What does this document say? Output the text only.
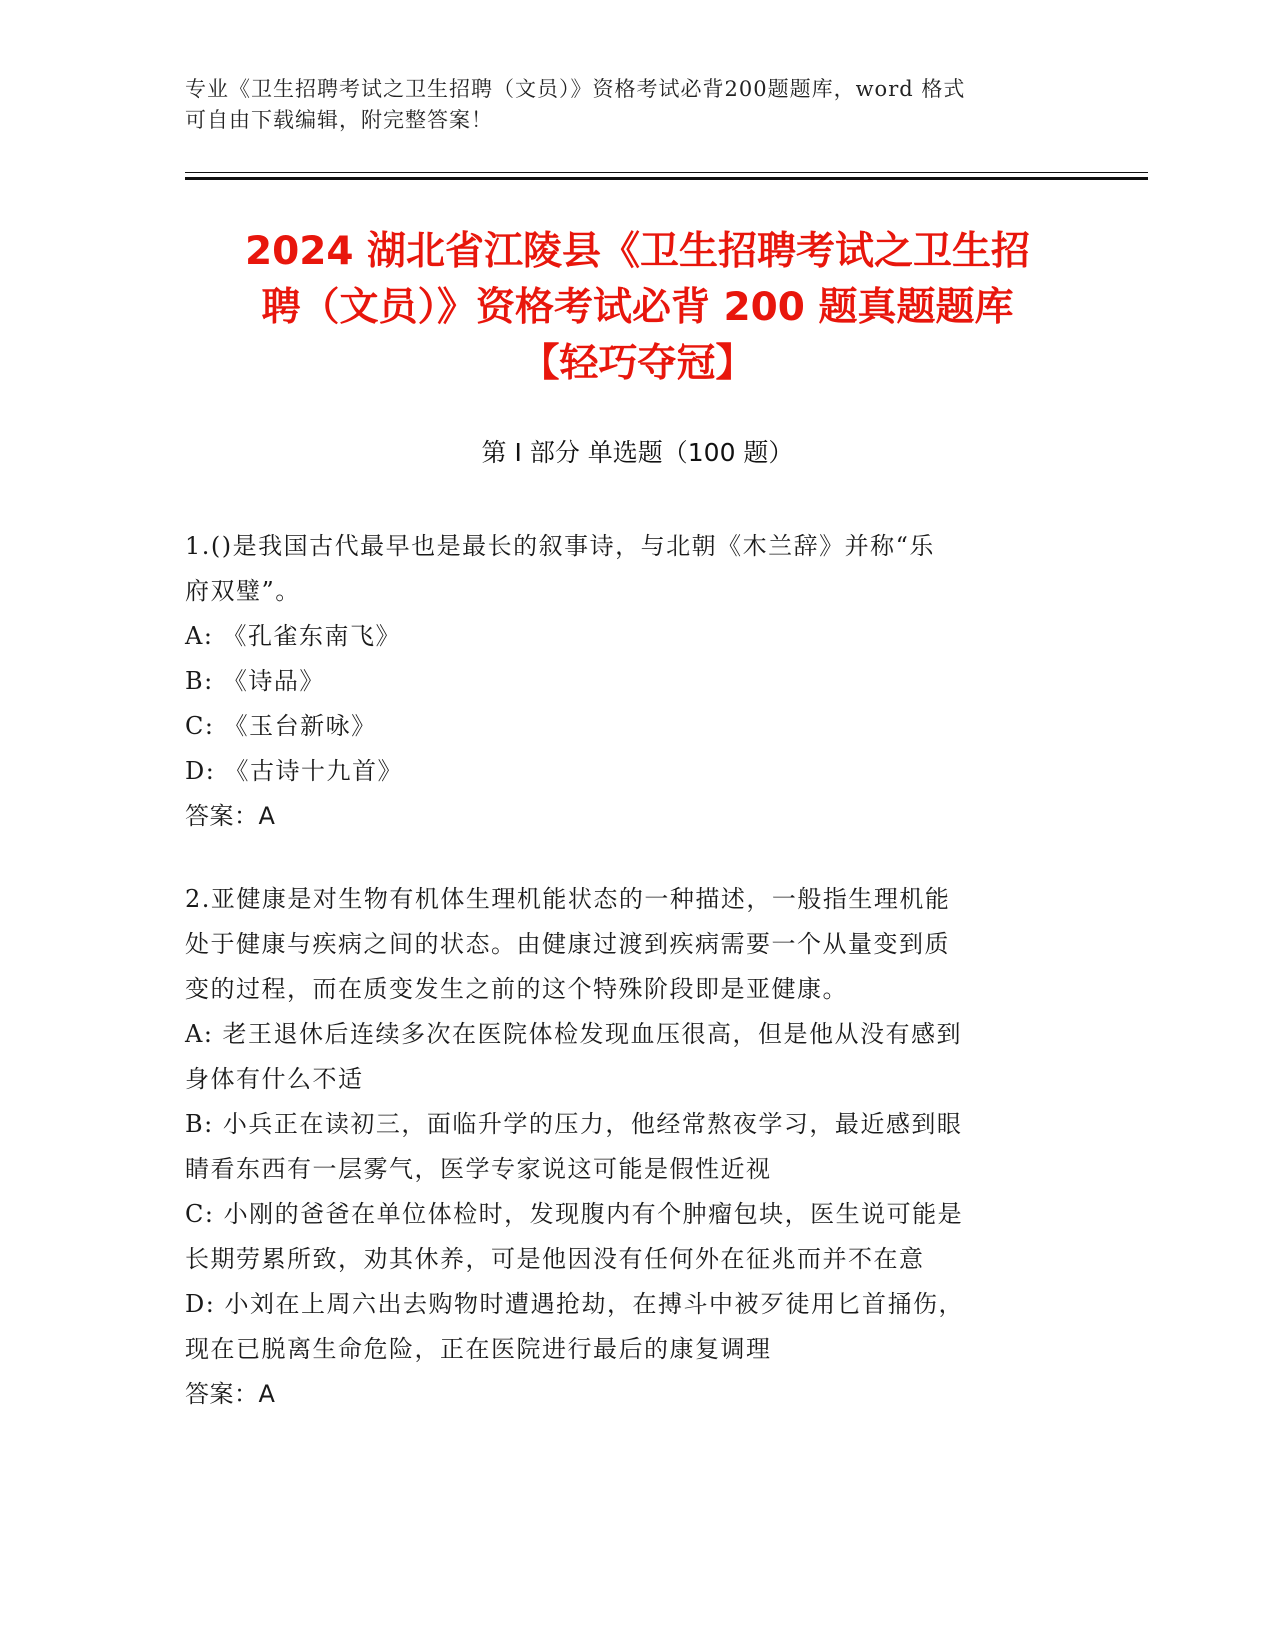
专业《卫生招聘考试之卫生招聘（文员）》资格考试必背200题题库，word 格式
可自由下载编辑，附完整答案！
2024 湖北省江陵县《卫生招聘考试之卫生招
聘（文员）》资格考试必背 200 题真题题库
【轻巧夺冠】
第 I 部分 单选题（100 题）
1.()是我国古代最早也是最长的叙事诗，与北朝《木兰辞》并称“乐
府双璧”。
A: 《孔雀东南飞》
B: 《诗品》
C: 《玉台新咏》
D: 《古诗十九首》
答案：A
2.亚健康是对生物有机体生理机能状态的一种描述，一般指生理机能
处于健康与疾病之间的状态。由健康过渡到疾病需要一个从量变到质
变的过程，而在质变发生之前的这个特殊阶段即是亚健康。
A: 老王退休后连续多次在医院体检发现血压很高，但是他从没有感到
身体有什么不适
B: 小兵正在读初三，面临升学的压力，他经常熬夜学习，最近感到眼
睛看东西有一层雾气，医学专家说这可能是假性近视
C: 小刚的爸爸在单位体检时，发现腹内有个肿瘤包块，医生说可能是
长期劳累所致，劝其休养，可是他因没有任何外在征兆而并不在意
D: 小刘在上周六出去购物时遭遇抢劫，在搏斗中被歹徒用匕首捅伤，
现在已脱离生命危险，正在医院进行最后的康复调理
答案：A
